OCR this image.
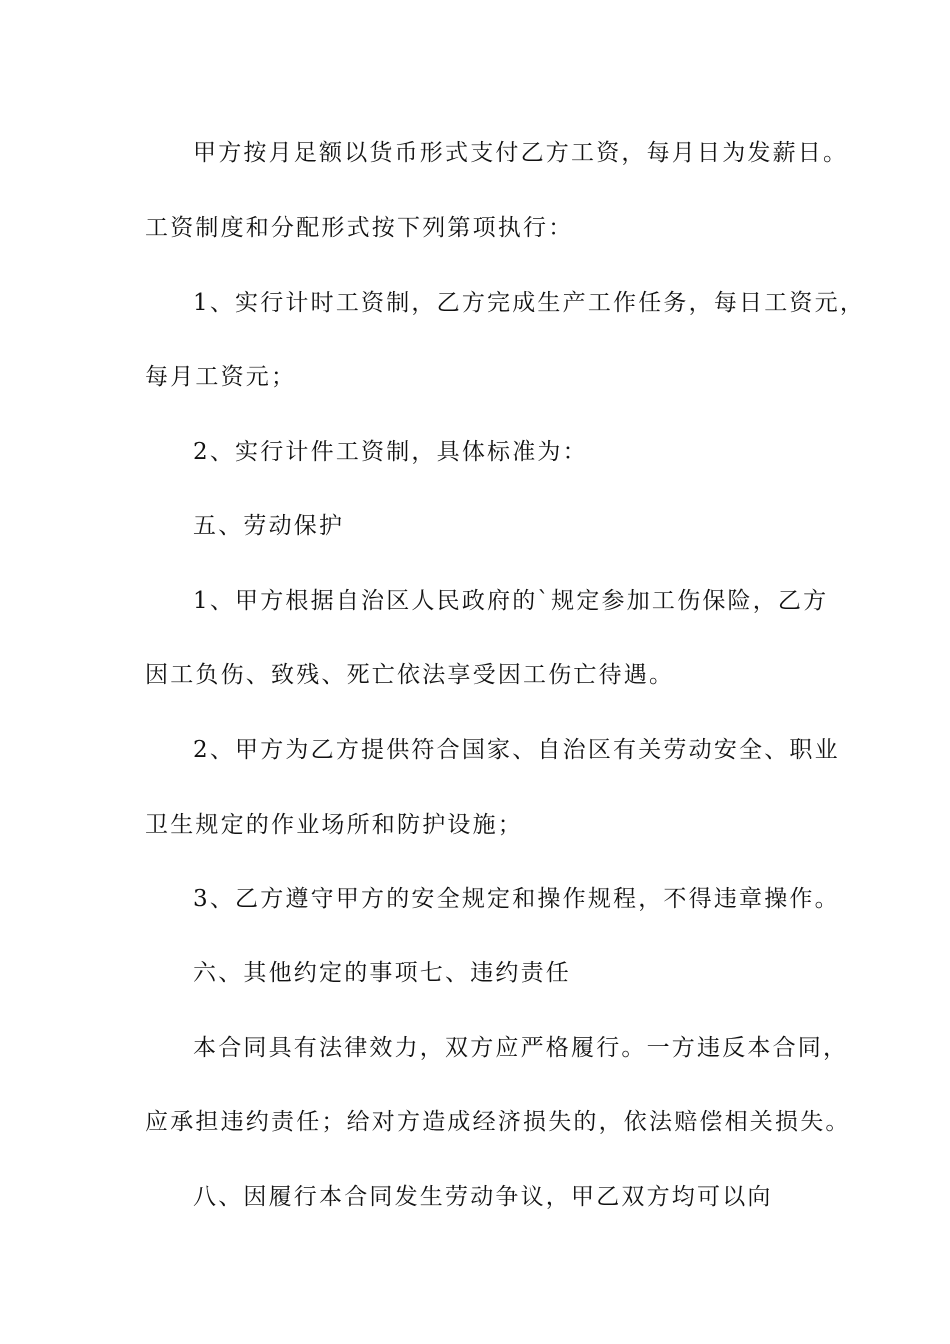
甲方按月足额以货币形式支付乙方工资，每月日为发薪日。
工资制度和分配形式按下列第项执行：
1、实行计时工资制，乙方完成生产工作任务，每日工资元，
每月工资元；
2、实行计件工资制，具体标准为：
五、劳动保护
1、甲方根据自治区人民政府的`规定参加工伤保险，乙方
因工负伤、致残、死亡依法享受因工伤亡待遇。
2、甲方为乙方提供符合国家、自治区有关劳动安全、职业
卫生规定的作业场所和防护设施；
3、乙方遵守甲方的安全规定和操作规程，不得违章操作。
六、其他约定的事项七、违约责任
本合同具有法律效力，双方应严格履行。一方违反本合同，
应承担违约责任；给对方造成经济损失的，依法赔偿相关损失。
八、因履行本合同发生劳动争议，甲乙双方均可以向
